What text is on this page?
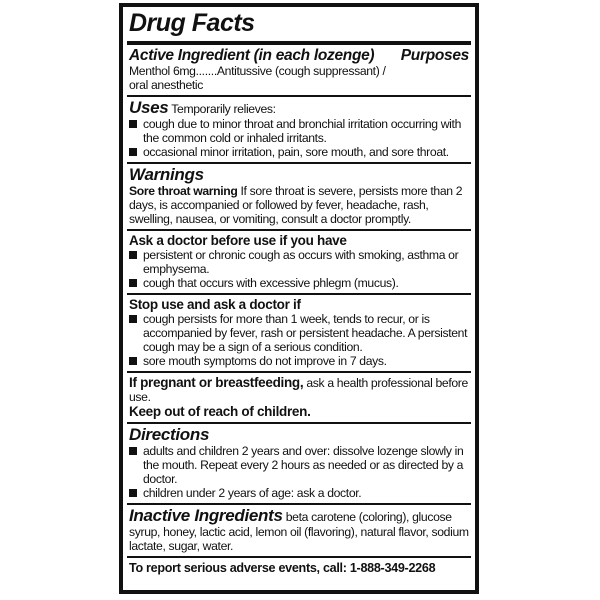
Drug Facts
Active Ingredient (in each lozenge) Purposes
Menthol 6mg.......Antitussive (cough suppressant) /
oral anesthetic
Uses Temporarily relieves:
cough due to minor throat and bronchial irritation occurring with the common cold or inhaled irritants.
occasional minor irritation, pain, sore mouth, and sore throat.
Warnings
Sore throat warning If sore throat is severe, persists more than 2 days, is accompanied or followed by fever, headache, rash, swelling, nausea, or vomiting, consult a doctor promptly.
Ask a doctor before use if you have
persistent or chronic cough as occurs with smoking, asthma or emphysema.
cough that occurs with excessive phlegm (mucus).
Stop use and ask a doctor if
cough persists for more than 1 week, tends to recur, or is accompanied by fever, rash or persistent headache. A persistent cough may be a sign of a serious condition.
sore mouth symptoms do not improve in 7 days.
If pregnant or breastfeeding, ask a health professional before use.
Keep out of reach of children.
Directions
adults and children 2 years and over: dissolve lozenge slowly in the mouth. Repeat every 2 hours as needed or as directed by a doctor.
children under 2 years of age: ask a doctor.
Inactive Ingredients beta carotene (coloring), glucose syrup, honey, lactic acid, lemon oil (flavoring), natural flavor, sodium lactate, sugar, water.
To report serious adverse events, call: 1-888-349-2268
